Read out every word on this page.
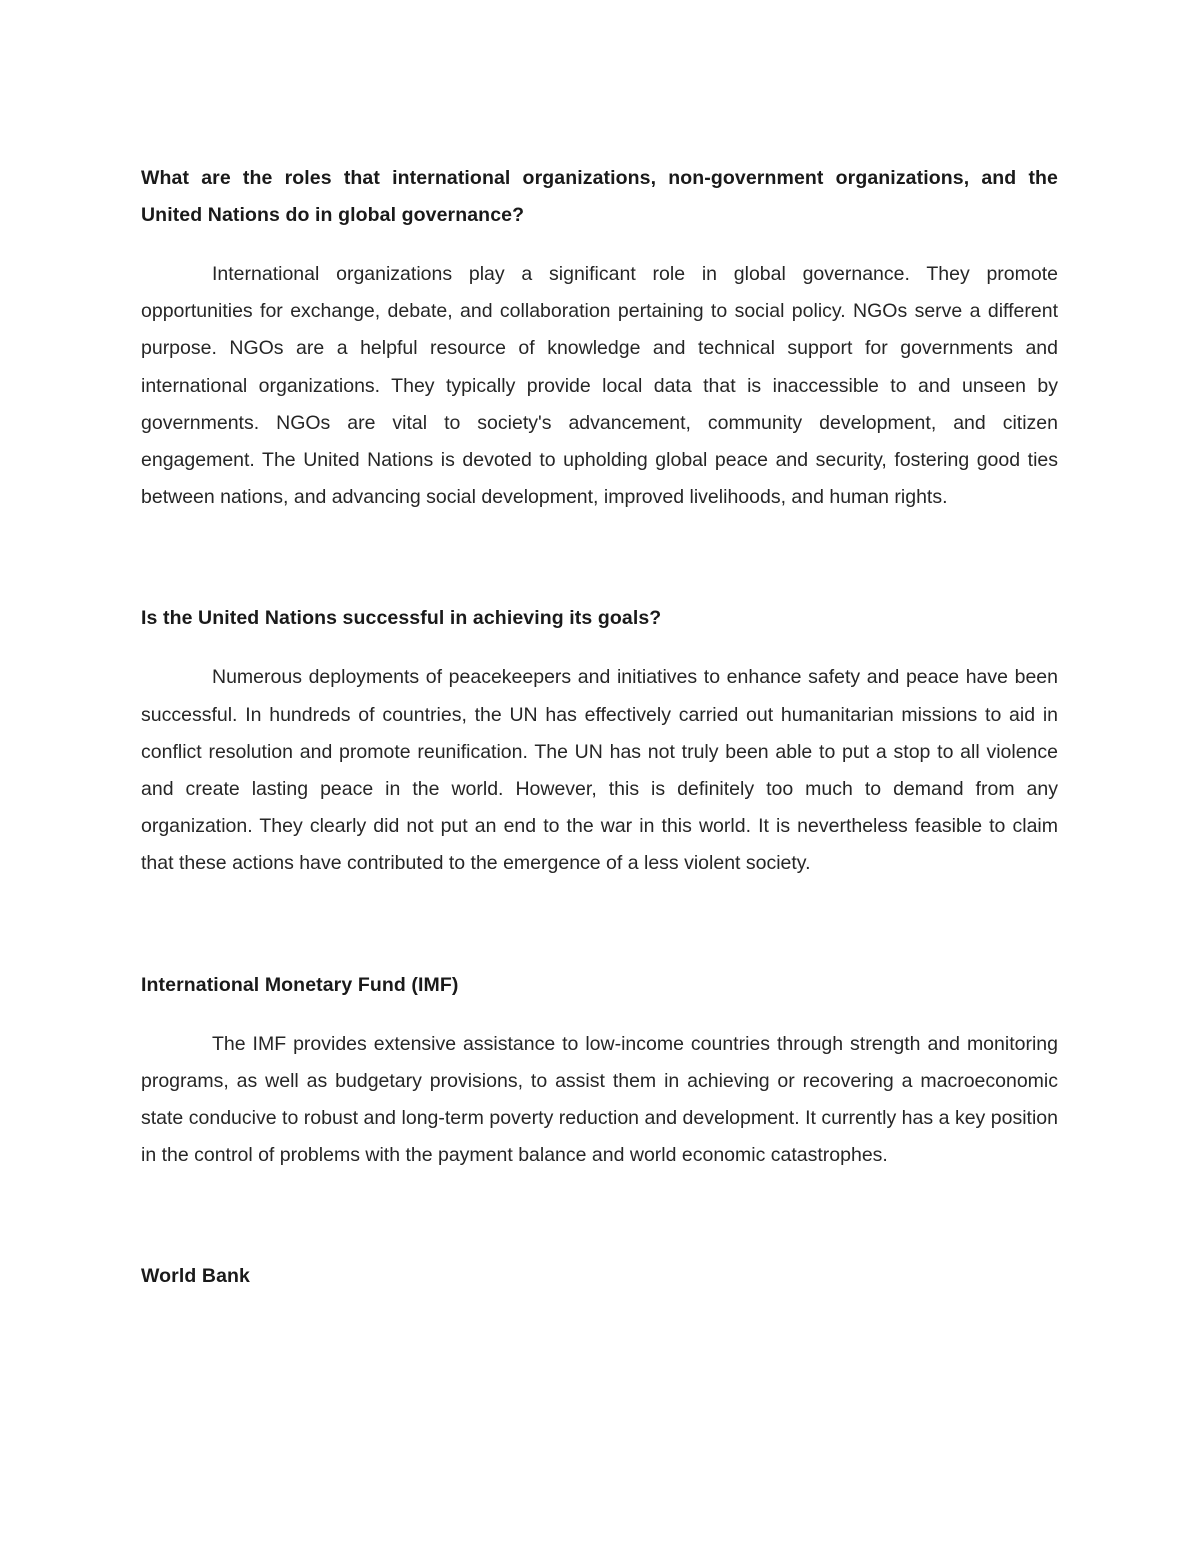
What are the roles that international organizations, non-government organizations, and the United Nations do in global governance?

International organizations play a significant role in global governance. They promote opportunities for exchange, debate, and collaboration pertaining to social policy. NGOs serve a different purpose. NGOs are a helpful resource of knowledge and technical support for governments and international organizations. They typically provide local data that is inaccessible to and unseen by governments. NGOs are vital to society's advancement, community development, and citizen engagement. The United Nations is devoted to upholding global peace and security, fostering good ties between nations, and advancing social development, improved livelihoods, and human rights.

Is the United Nations successful in achieving its goals?

Numerous deployments of peacekeepers and initiatives to enhance safety and peace have been successful. In hundreds of countries, the UN has effectively carried out humanitarian missions to aid in conflict resolution and promote reunification. The UN has not truly been able to put a stop to all violence and create lasting peace in the world. However, this is definitely too much to demand from any organization. They clearly did not put an end to the war in this world. It is nevertheless feasible to claim that these actions have contributed to the emergence of a less violent society.

International Monetary Fund (IMF)

The IMF provides extensive assistance to low-income countries through strength and monitoring programs, as well as budgetary provisions, to assist them in achieving or recovering a macroeconomic state conducive to robust and long-term poverty reduction and development. It currently has a key position in the control of problems with the payment balance and world economic catastrophes.

World Bank
